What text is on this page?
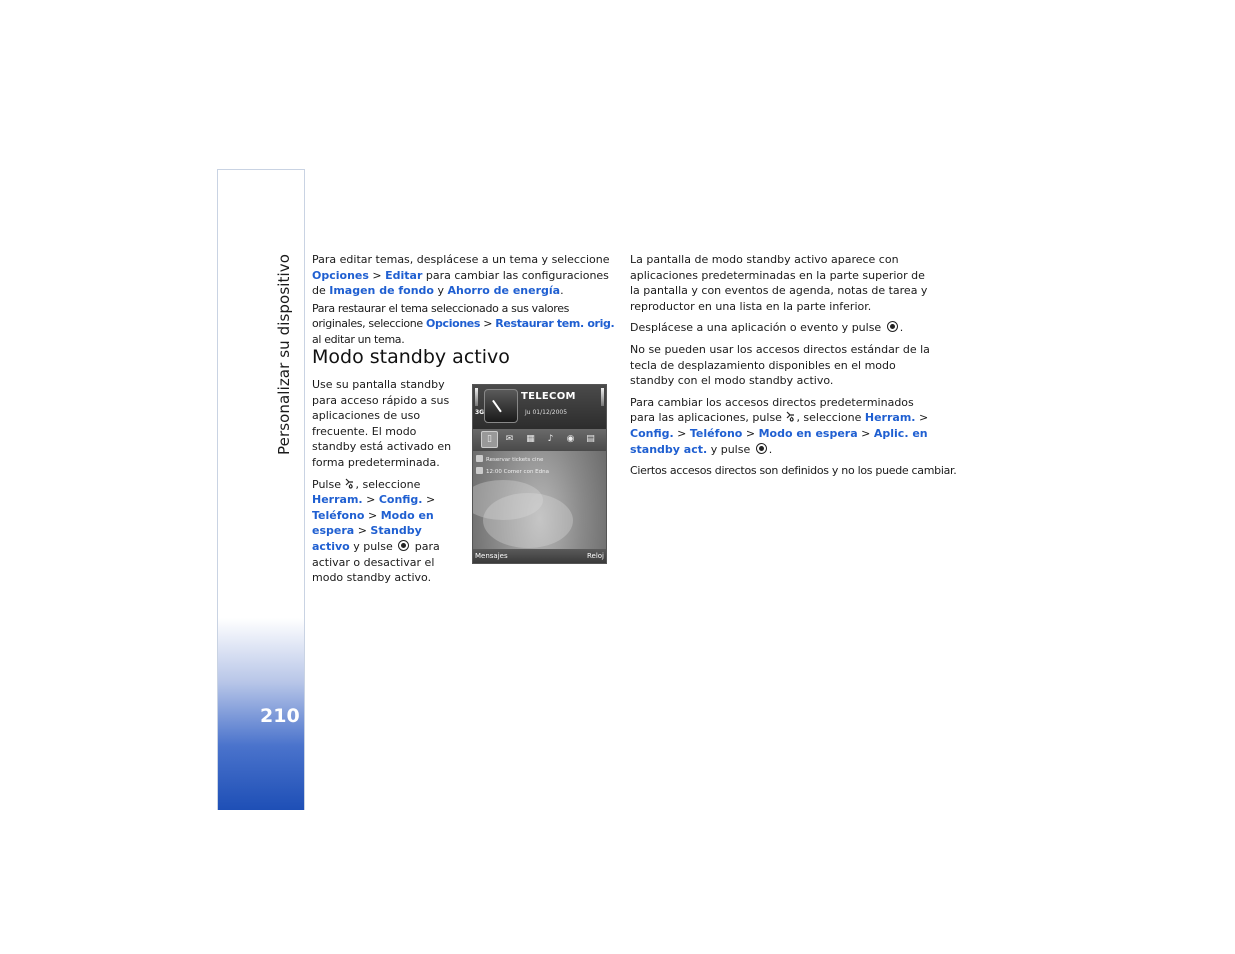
Personalizar su dispositivo
210

Para editar temas, desplácese a un tema y seleccione Opciones > Editar para cambiar las configuraciones de Imagen de fondo y Ahorro de energía.

Para restaurar el tema seleccionado a sus valores originales, seleccione Opciones > Restaurar tem. orig. al editar un tema.

Modo standby activo

Use su pantalla standby para acceso rápido a sus aplicaciones de uso frecuente. El modo standby está activado en forma predeterminada.

Pulse , seleccione Herram. > Config. > Teléfono > Modo en espera > Standby activo y pulse  para activar o desactivar el modo standby activo.

TELECOM
Ju 01/12/2005
3G
▯	✉	▦	♪	◉	▤
Reservar tickets cine
12:00 Comer con Edna
Mensajes	Reloj

La pantalla de modo standby activo aparece con aplicaciones predeterminadas en la parte superior de la pantalla y con eventos de agenda, notas de tarea y reproductor en una lista en la parte inferior.

Desplácese a una aplicación o evento y pulse .

No se pueden usar los accesos directos estándar de la tecla de desplazamiento disponibles en el modo standby con el modo standby activo.

Para cambiar los accesos directos predeterminados para las aplicaciones, pulse , seleccione Herram. > Config. > Teléfono > Modo en espera > Aplic. en standby act. y pulse .

Ciertos accesos directos son definidos y no los puede cambiar.
